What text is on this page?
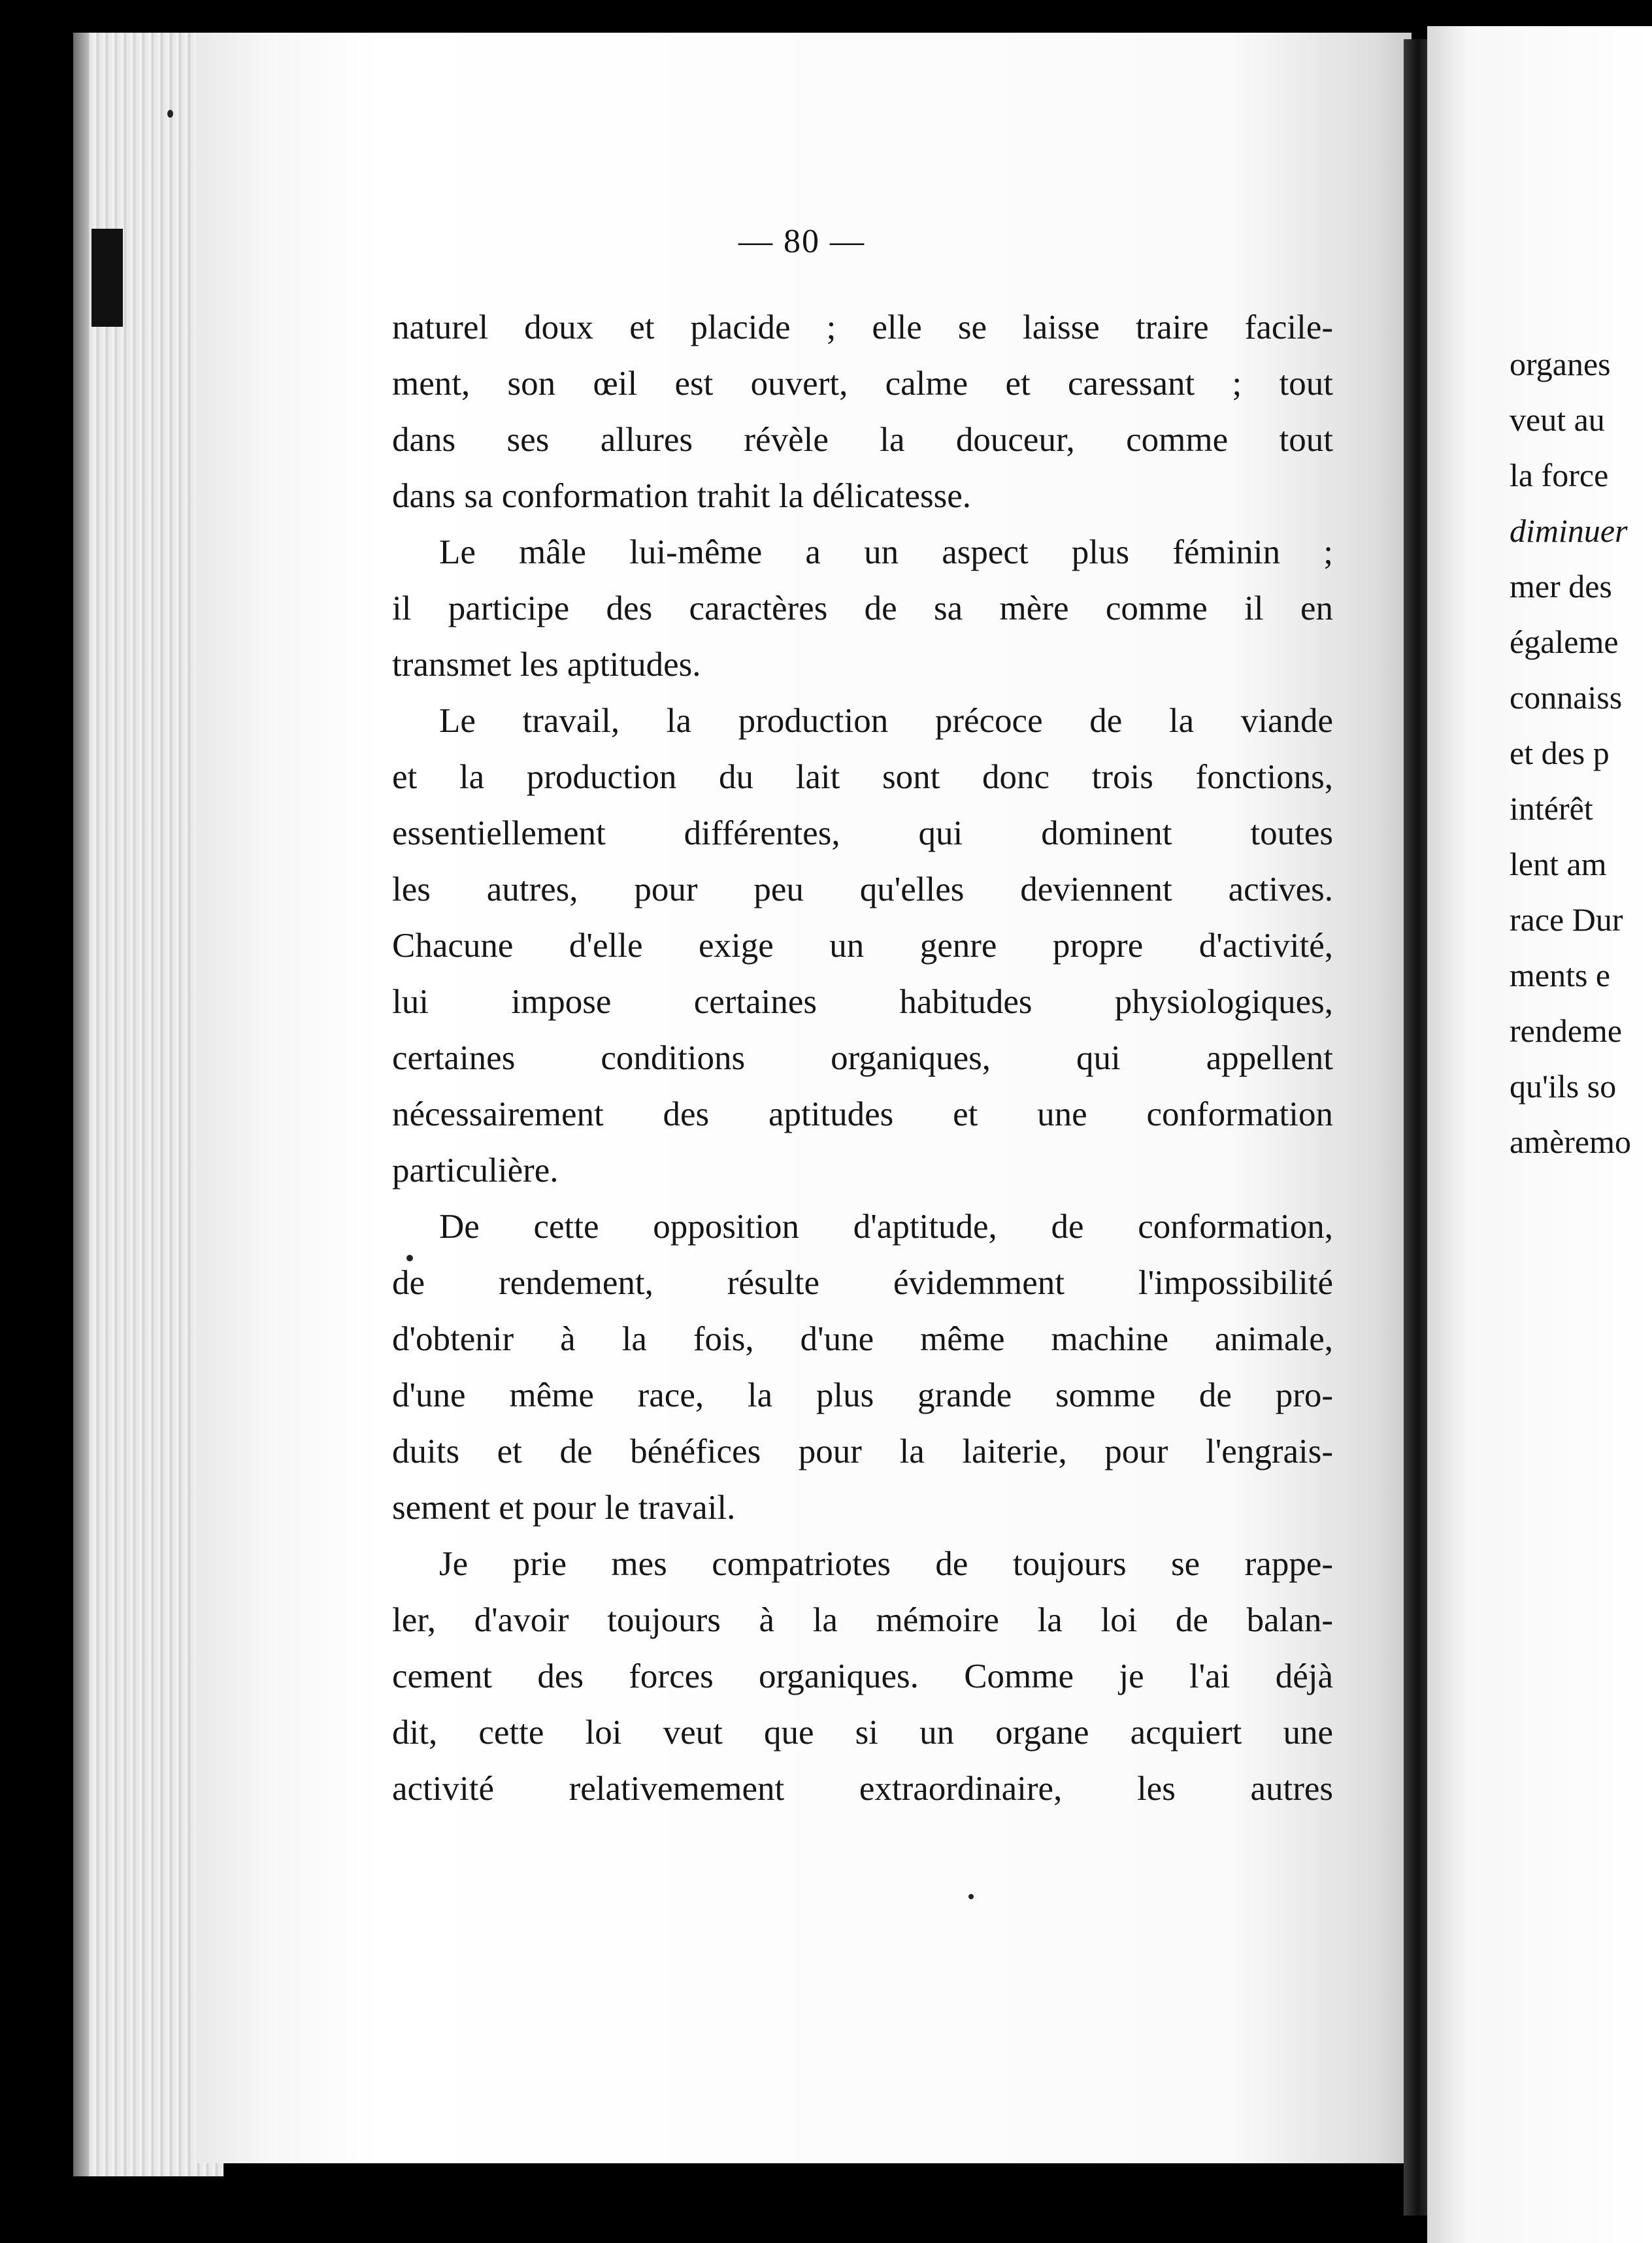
— 80 —
naturel doux et placide ; elle se laisse traire facile-
ment, son œil est ouvert, calme et caressant ; tout
dans ses allures révèle la douceur, comme tout
dans sa conformation trahit la délicatesse.
Le mâle lui-même a un aspect plus féminin ;
il participe des caractères de sa mère comme il en
transmet les aptitudes.
Le travail, la production précoce de la viande
et la production du lait sont donc trois fonctions,
essentiellement différentes, qui dominent toutes
les autres, pour peu qu'elles deviennent actives.
Chacune d'elle exige un genre propre d'activité,
lui impose certaines habitudes physiologiques,
certaines conditions organiques, qui appellent
nécessairement des aptitudes et une conformation
particulière.
De cette opposition d'aptitude, de conformation,
de rendement, résulte évidemment l'impossibilité
d'obtenir à la fois, d'une même machine animale,
d'une même race, la plus grande somme de pro-
duits et de bénéfices pour la laiterie, pour l'engrais-
sement et pour le travail.
Je prie mes compatriotes de toujours se rappe-
ler, d'avoir toujours à la mémoire la loi de balan-
cement des forces organiques. Comme je l'ai déjà
dit, cette loi veut que si un organe acquiert une
activité relativemement extraordinaire, les autres
organes
veut au
la force
diminuer
mer des
égaleme
connaiss
et des p
intérêt
lent am
race Dur
ments e
rendeme
qu'ils so
amèremo
